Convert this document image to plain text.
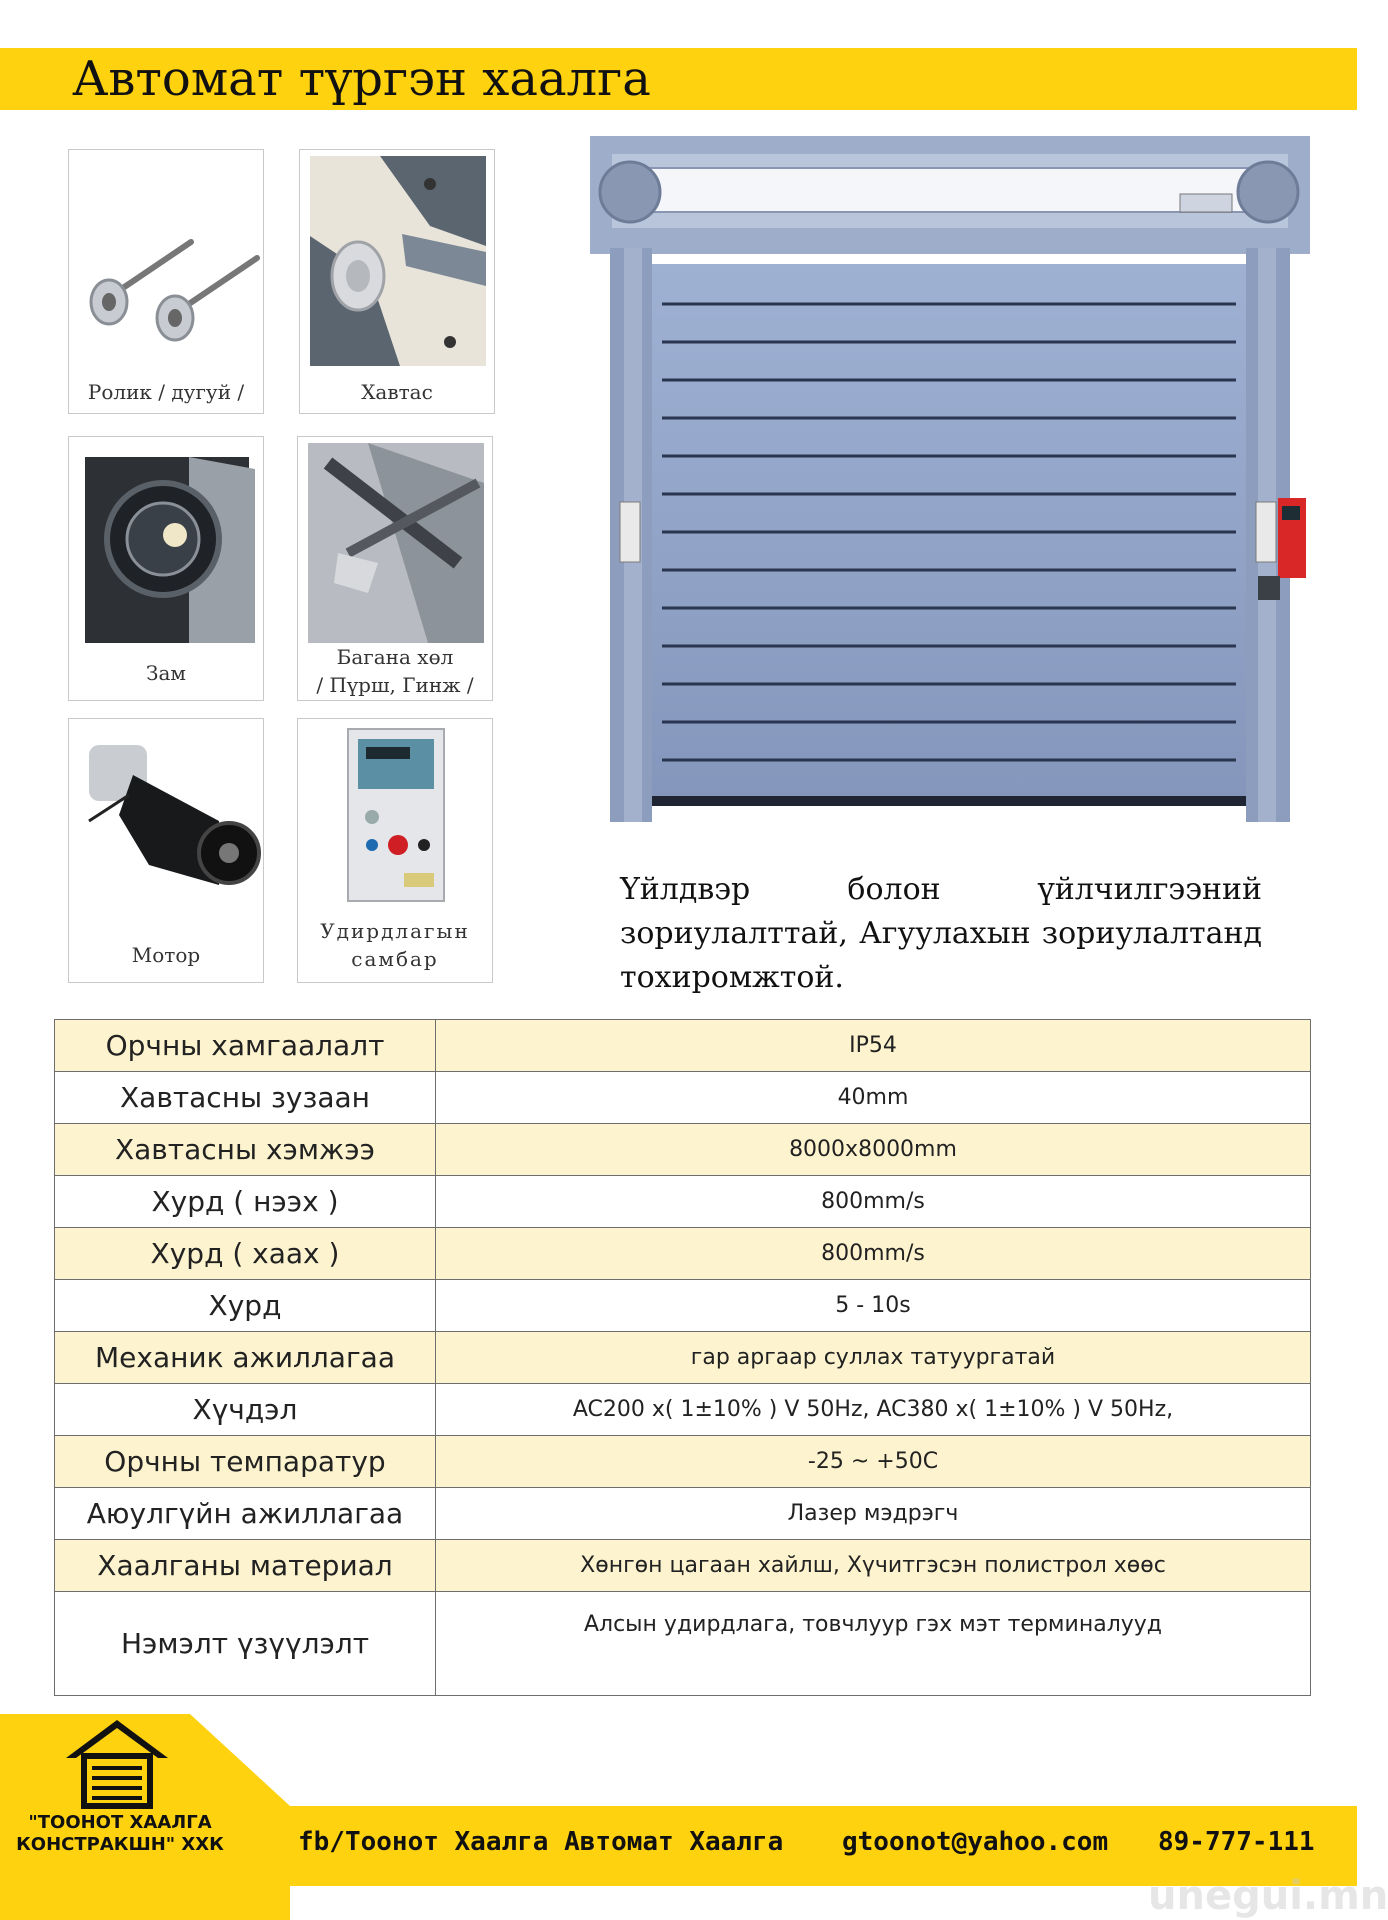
Автомат түргэн хаалга
Ролик / дугуй /	Хавтас
Зам
Багана хөл
/ Пүрш, Гинж /
Мотор
Удирдлагын
самбар
Үйлдвэр болон үйлчилгээний зориулалттай, Агуулахын зориулалтанд тохиромжтой.
Орчны хамгаалалт	IP54
Хавтасны зузаан	40mm
Хавтасны хэмжээ	8000x8000mm
Хурд ( нээх )	800mm/s
Хурд ( хаах )	800mm/s
Хурд	5 - 10s
Механик ажиллагаа	гар аргаар суллах татуургатай
Хүчдэл	AC200 x( 1±10% ) V 50Hz, AC380 x( 1±10% ) V 50Hz,
Орчны темпаратур	-25 ~ +50C
Аюулгүйн ажиллагаа	Лазер мэдрэгч
Хаалганы материал	Хөнгөн цагаан хайлш, Хүчитгэсэн полистрол хөөс
Нэмэлт үзүүлэлт	Алсын удирдлага, товчлуур гэх мэт терминалууд
"ТООНОТ ХААЛГА
КОНСТРАКШН" ХХК	fb/Тоонот Хаалга Автомат Хаалга gtoonot@yahoo.com 89-777-111
unegui.mn
